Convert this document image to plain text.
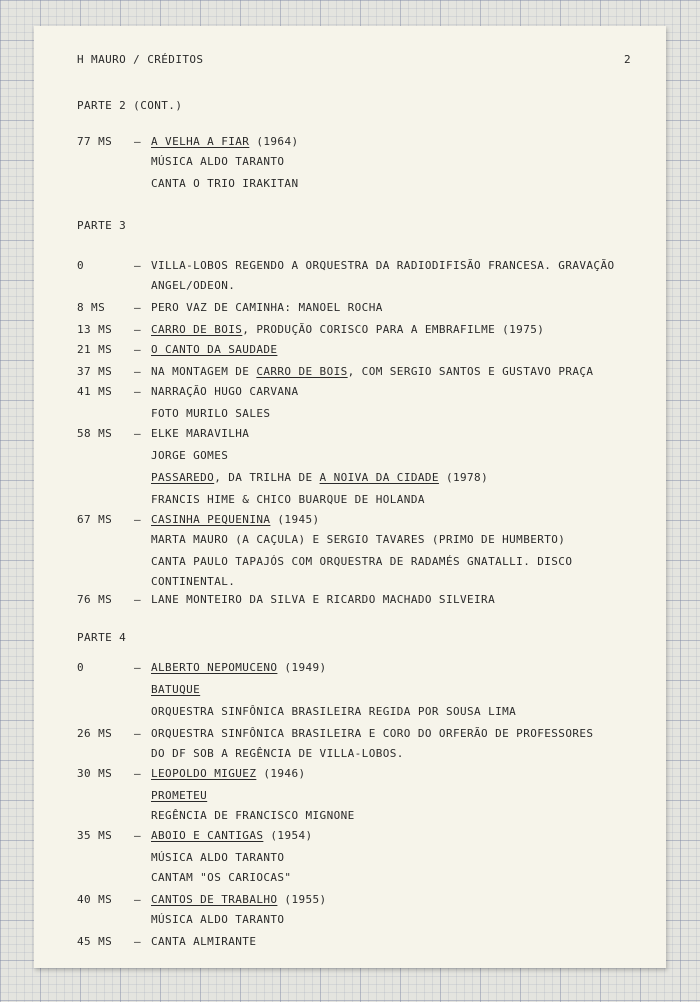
H MAURO / CRÉDITOS	2
PARTE 2 (CONT.)
77 MS – A VELHA A FIAR (1964)
MÚSICA ALDO TARANTO
CANTA O TRIO IRAKITAN
PARTE 3
0	– VILLA-LOBOS REGENDO A ORQUESTRA DA RADIODIFISÃO FRANCESA. GRAVAÇÃO
ANGEL/ODEON.
8 MS	– PERO VAZ DE CAMINHA: MANOEL ROCHA
13 MS – CARRO DE BOIS, PRODUÇÃO CORISCO PARA A EMBRAFILME (1975)
21 MS – O CANTO DA SAUDADE
37 MS – NA MONTAGEM DE CARRO DE BOIS, COM SERGIO SANTOS E GUSTAVO PRAÇA
41 MS – NARRAÇÃO HUGO CARVANA
FOTO MURILO SALES
58 MS – ELKE MARAVILHA
JORGE GOMES
PASSAREDO, DA TRILHA DE A NOIVA DA CIDADE (1978)
FRANCIS HIME & CHICO BUARQUE DE HOLANDA
67 MS – CASINHA PEQUENINA (1945)
MARTA MAURO (A CAÇULA) E SERGIO TAVARES (PRIMO DE HUMBERTO)
CANTA PAULO TAPAJÓS COM ORQUESTRA DE RADAMÉS GNATALLI. DISCO
CONTINENTAL.
76 MS – LANE MONTEIRO DA SILVA E RICARDO MACHADO SILVEIRA
PARTE 4
0	– ALBERTO NEPOMUCENO (1949)
BATUQUE
ORQUESTRA SINFÔNICA BRASILEIRA REGIDA POR SOUSA LIMA
26 MS – ORQUESTRA SINFÔNICA BRASILEIRA E CORO DO ORFERÃO DE PROFESSORES
DO DF SOB A REGÊNCIA DE VILLA-LOBOS.
30 MS – LEOPOLDO MIGUEZ (1946)
PROMETEU
REGÊNCIA DE FRANCISCO MIGNONE
35 MS – ABOIO E CANTIGAS (1954)
MÚSICA ALDO TARANTO
CANTAM "OS CARIOCAS"
40 MS – CANTOS DE TRABALHO (1955)
MÚSICA ALDO TARANTO
45 MS – CANTA ALMIRANTE
